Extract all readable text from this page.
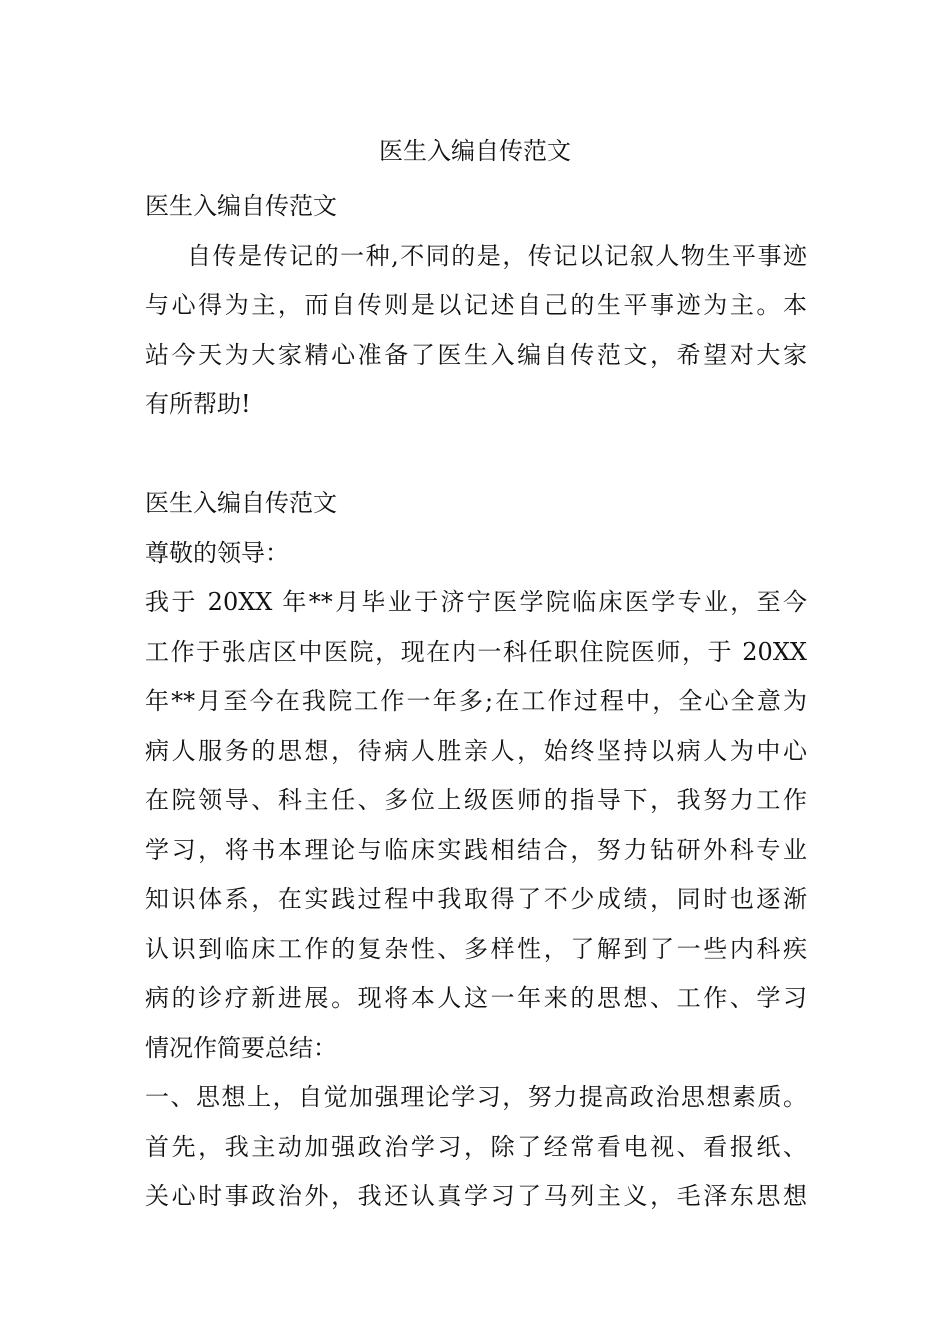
医生入编自传范文
医生入编自传范文
自传是传记的一种,不同的是，传记以记叙人物生平事迹
与心得为主，而自传则是以记述自己的生平事迹为主。本
站今天为大家精心准备了医生入编自传范文，希望对大家
有所帮助!
医生入编自传范文
尊敬的领导：
我于 20XX 年**月毕业于济宁医学院临床医学专业，至今
工作于张店区中医院，现在内一科任职住院医师，于 20XX
年**月至今在我院工作一年多;在工作过程中，全心全意为
病人服务的思想，待病人胜亲人，始终坚持以病人为中心
在院领导、科主任、多位上级医师的指导下，我努力工作
学习，将书本理论与临床实践相结合，努力钻研外科专业
知识体系，在实践过程中我取得了不少成绩，同时也逐渐
认识到临床工作的复杂性、多样性，了解到了一些内科疾
病的诊疗新进展。现将本人这一年来的思想、工作、学习
情况作简要总结：
一、思想上，自觉加强理论学习，努力提高政治思想素质。
首先，我主动加强政治学习，除了经常看电视、看报纸、
关心时事政治外，我还认真学习了马列主义，毛泽东思想
